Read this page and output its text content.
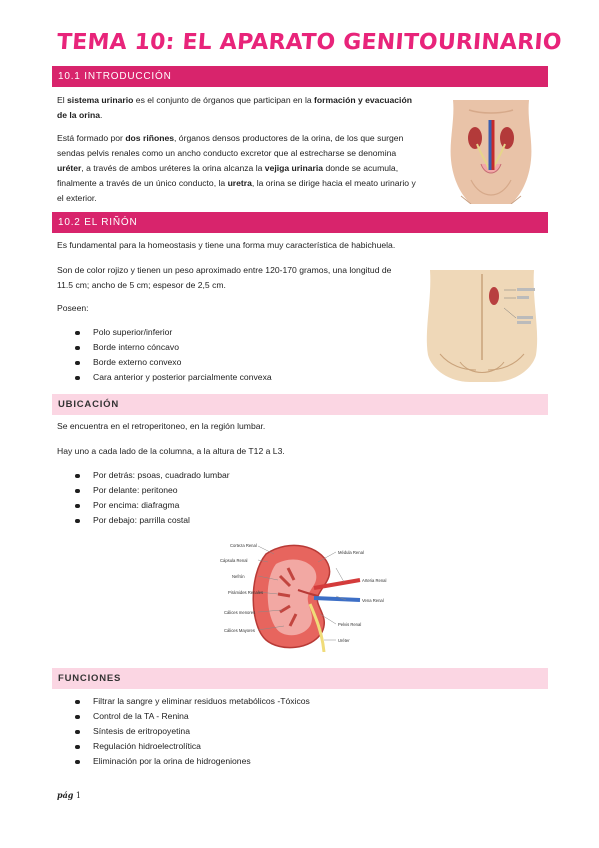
TEMA 10: EL APARATO GENITOURINARIO
10.1 INTRODUCCIÓN
El sistema urinario es el conjunto de órganos que participan en la formación y evacuación de la orina.
Está formado por dos riñones, órganos densos productores de la orina, de los que surgen sendas pelvis renales como un ancho conducto excretor que al estrecharse se denomina uréter, a través de ambos uréteres la orina alcanza la vejiga urinaria donde se acumula, finalmente a través de un único conducto, la uretra, la orina se dirige hacia el meato urinario y el exterior.
10.2 EL RIÑÓN
Es fundamental para la homeostasis y tiene una forma muy característica de habichuela.
Son de color rojizo y tienen un peso aproximado entre 120-170 gramos, una longitud de 11.5 cm; ancho de 5 cm; espesor de 2,5 cm.
Poseen:
Polo superior/inferior
Borde interno cóncavo
Borde externo convexo
Cara anterior y posterior parcialmente convexa
UBICACIÓN
Se encuentra en el retroperitoneo, en la región lumbar.
Hay uno a cada lado de la columna, a la altura de T12 a L3.
Por detrás: psoas, cuadrado lumbar
Por delante: peritoneo
Por encima: diafragma
Por debajo: parrilla costal
Corteza Renal
Cápsula Renal
Nefrón
Pirámides Renales
Cálices menores
Cálices Mayores
Médula Renal
Arteria Renal
Vena Renal
Pelvis Renal
Uréter
FUNCIONES
Filtrar la sangre y eliminar residuos metabólicos -Tóxicos
Control de la TA - Renina
Síntesis de eritropoyetina
Regulación hidroelectrolítica
Eliminación por la orina de hidrogeniones
pág 1
